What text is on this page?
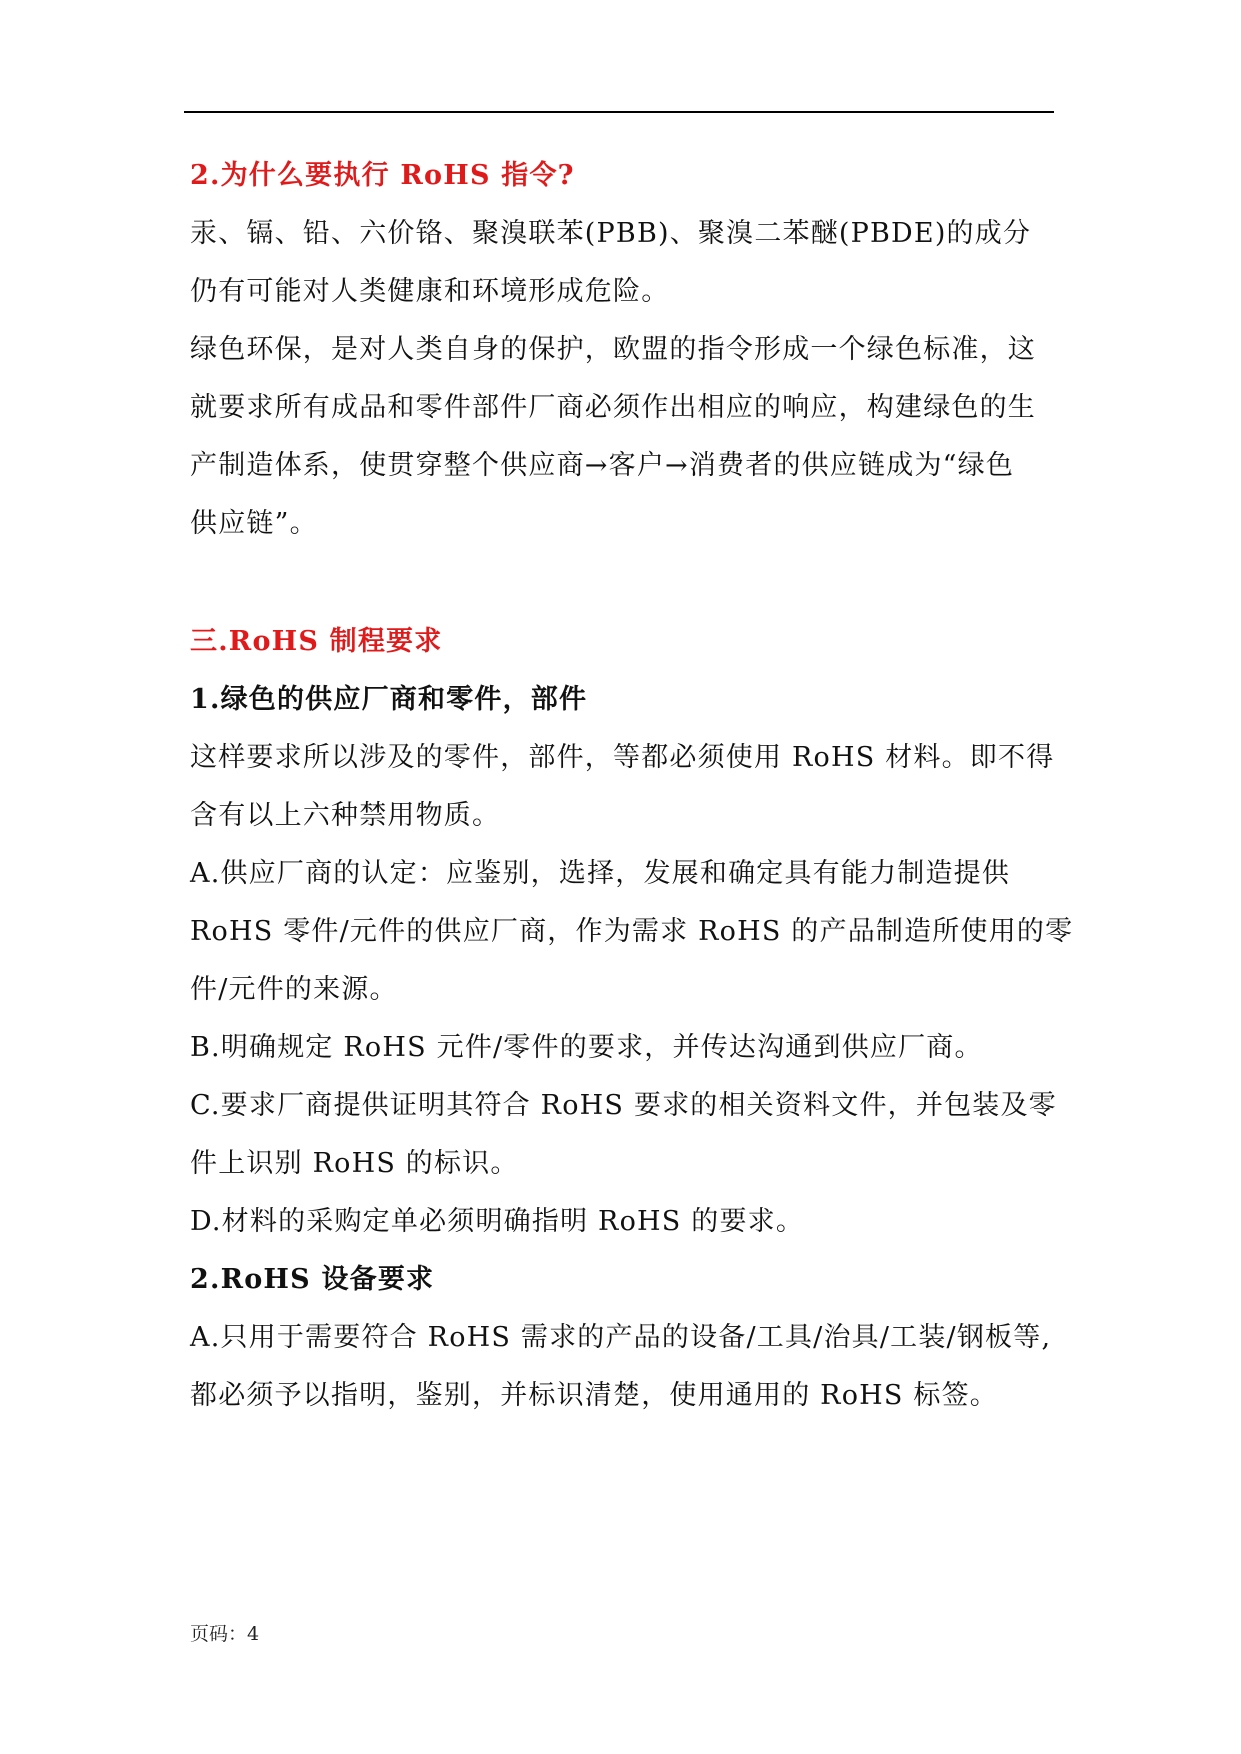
2.为什么要执行 RoHS 指令?
汞、镉、铅、六价铬、聚溴联苯(PBB)、聚溴二苯醚(PBDE)的成分
仍有可能对人类健康和环境形成危险。
绿色环保，是对人类自身的保护，欧盟的指令形成一个绿色标准，这
就要求所有成品和零件部件厂商必须作出相应的响应，构建绿色的生
产制造体系，使贯穿整个供应商→客户→消费者的供应链成为“绿色
供应链”。
三.RoHS 制程要求
1.绿色的供应厂商和零件，部件
这样要求所以涉及的零件，部件，等都必须使用 RoHS 材料。即不得
含有以上六种禁用物质。
A.供应厂商的认定：应鉴别，选择，发展和确定具有能力制造提供
RoHS 零件/元件的供应厂商，作为需求 RoHS 的产品制造所使用的零
件/元件的来源。
B.明确规定 RoHS 元件/零件的要求，并传达沟通到供应厂商。
C.要求厂商提供证明其符合 RoHS 要求的相关资料文件，并包装及零
件上识别 RoHS 的标识。
D.材料的采购定单必须明确指明 RoHS 的要求。
2.RoHS 设备要求
A.只用于需要符合 RoHS 需求的产品的设备/工具/治具/工装/钢板等,
都必须予以指明，鉴别，并标识清楚，使用通用的 RoHS 标签。
页码：4
